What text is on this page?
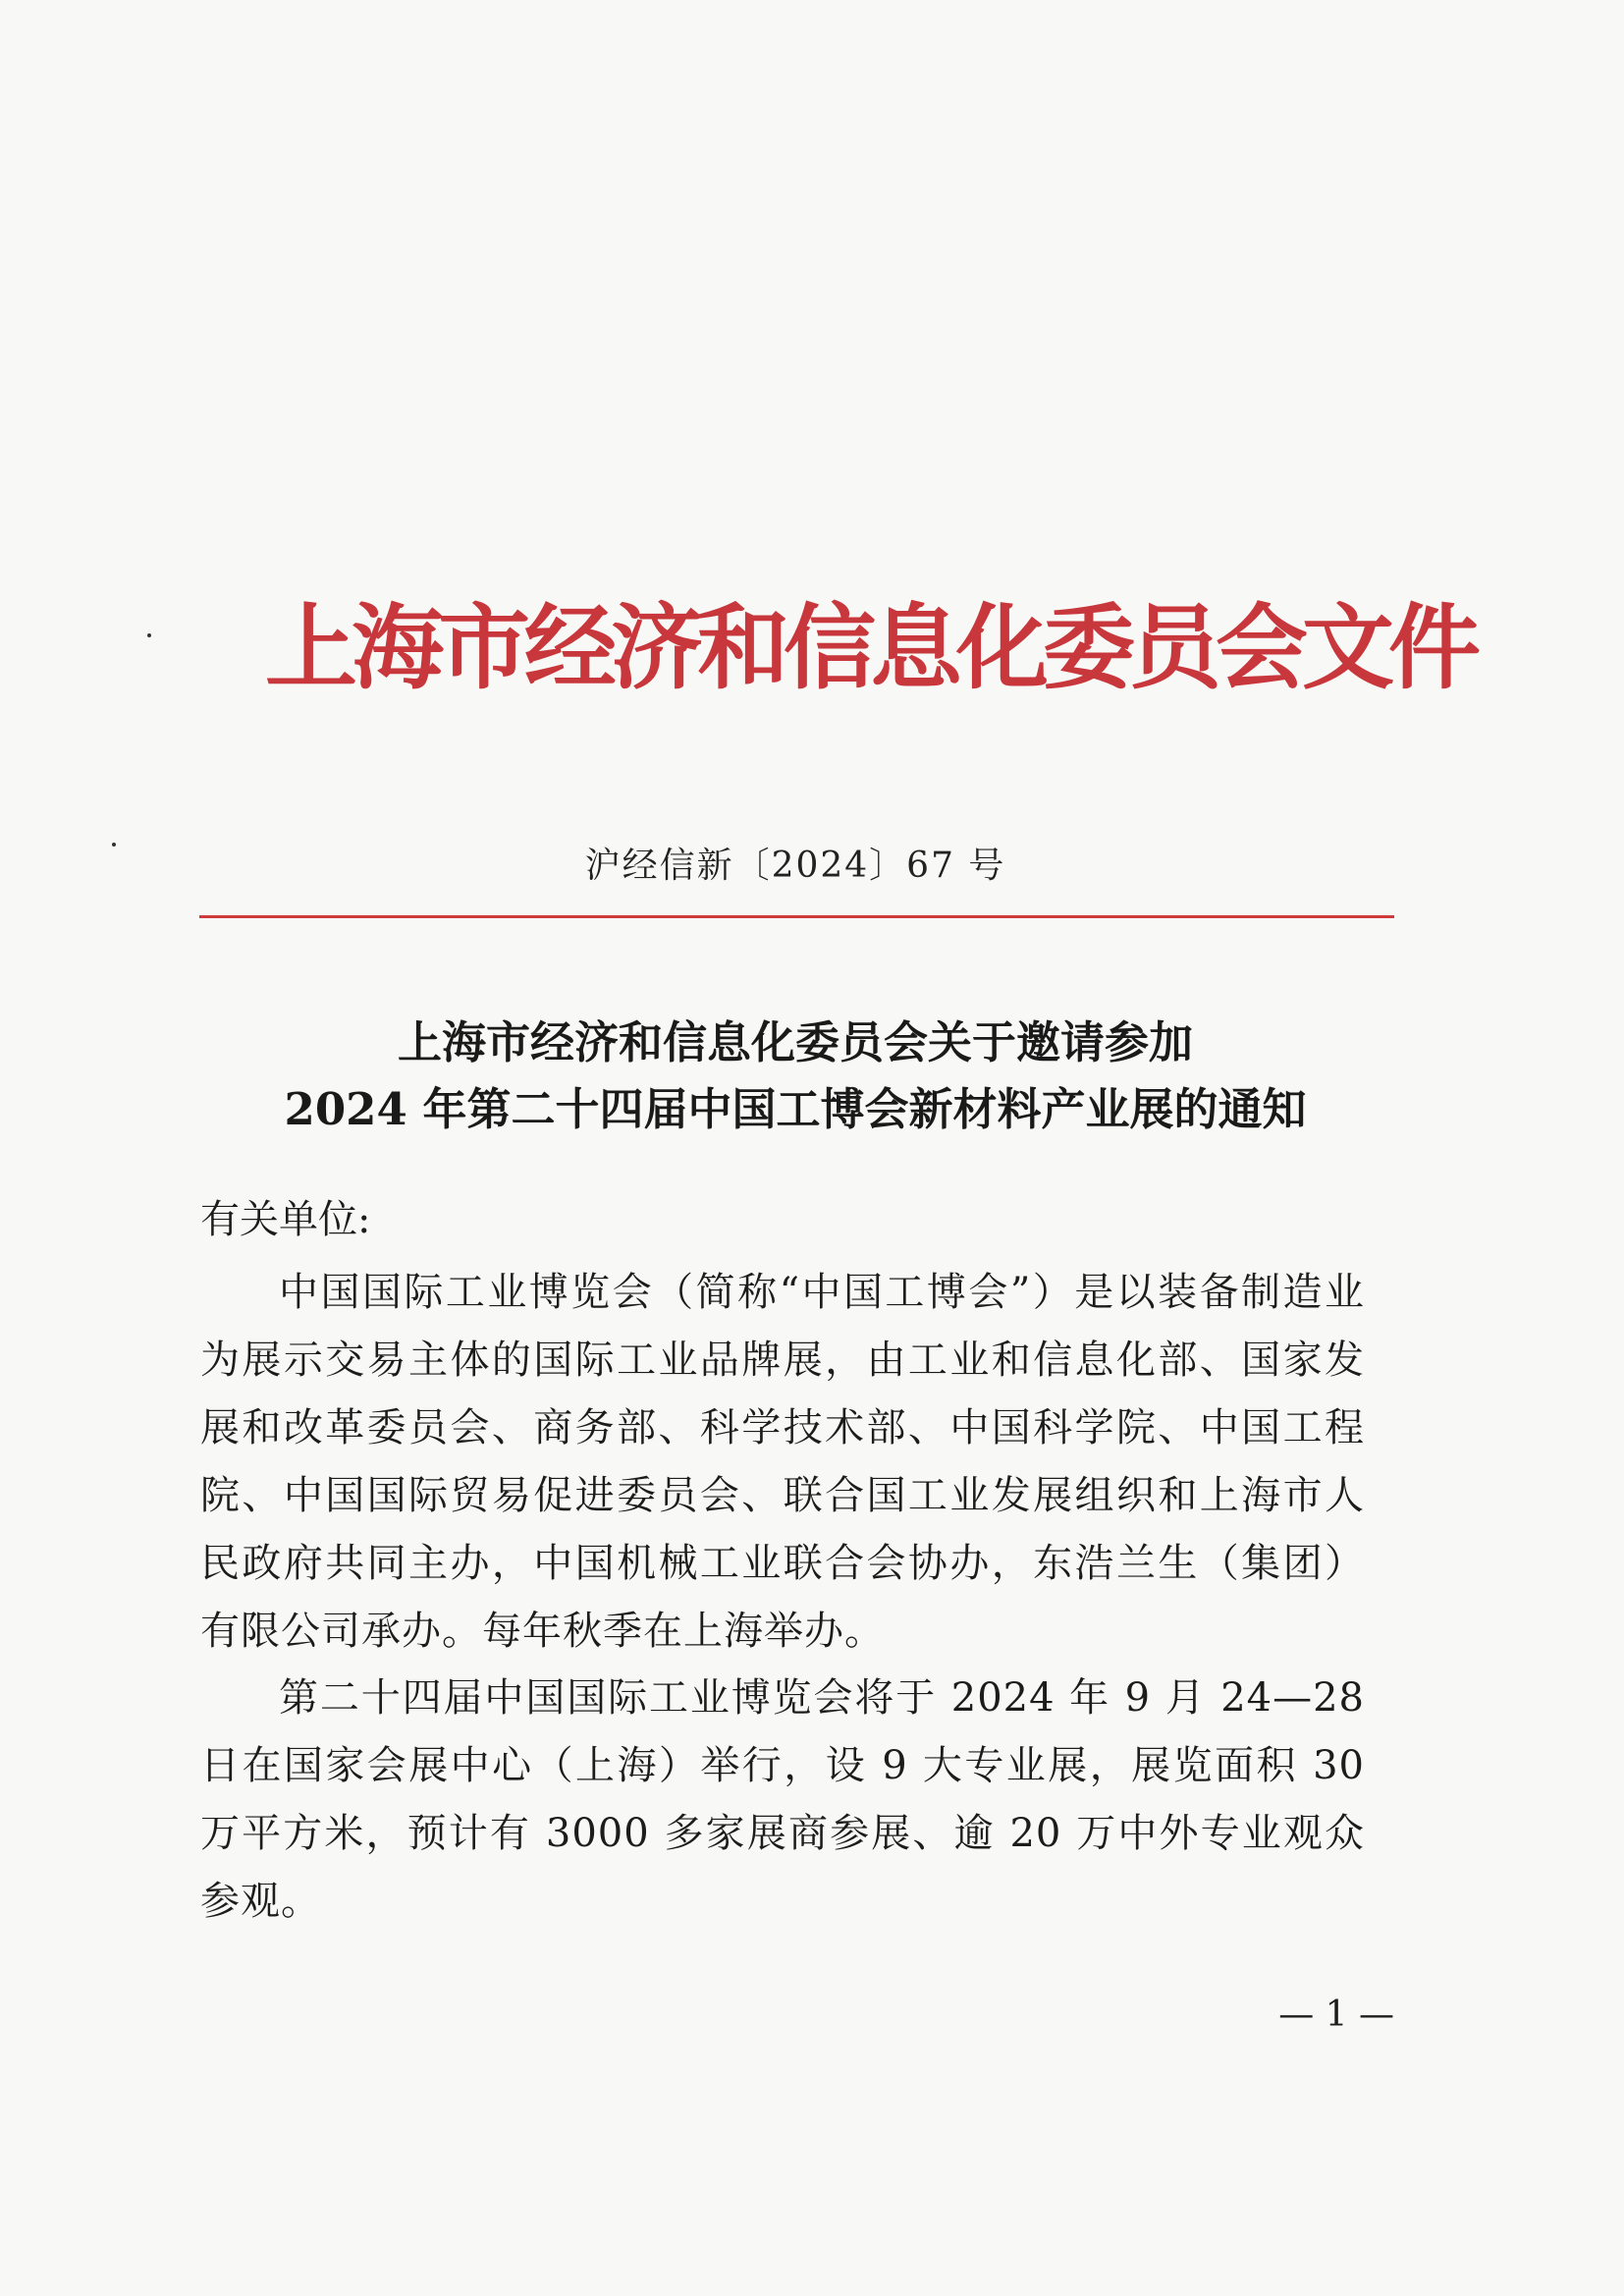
上海市经济和信息化委员会文件
沪经信新〔2024〕67 号
上海市经济和信息化委员会关于邀请参加
2024 年第二十四届中国工博会新材料产业展的通知
有关单位:
中国国际工业博览会（简称“中国工博会”）是以装备制造业为展示交易主体的国际工业品牌展，由工业和信息化部、国家发展和改革委员会、商务部、科学技术部、中国科学院、中国工程院、中国国际贸易促进委员会、联合国工业发展组织和上海市人民政府共同主办，中国机械工业联合会协办，东浩兰生（集团）有限公司承办。每年秋季在上海举办。
第二十四届中国国际工业博览会将于 2024 年 9 月 24—28 日在国家会展中心（上海）举行，设 9 大专业展，展览面积 30 万平方米，预计有 3000 多家展商参展、逾 20 万中外专业观众参观。
— 1 —
